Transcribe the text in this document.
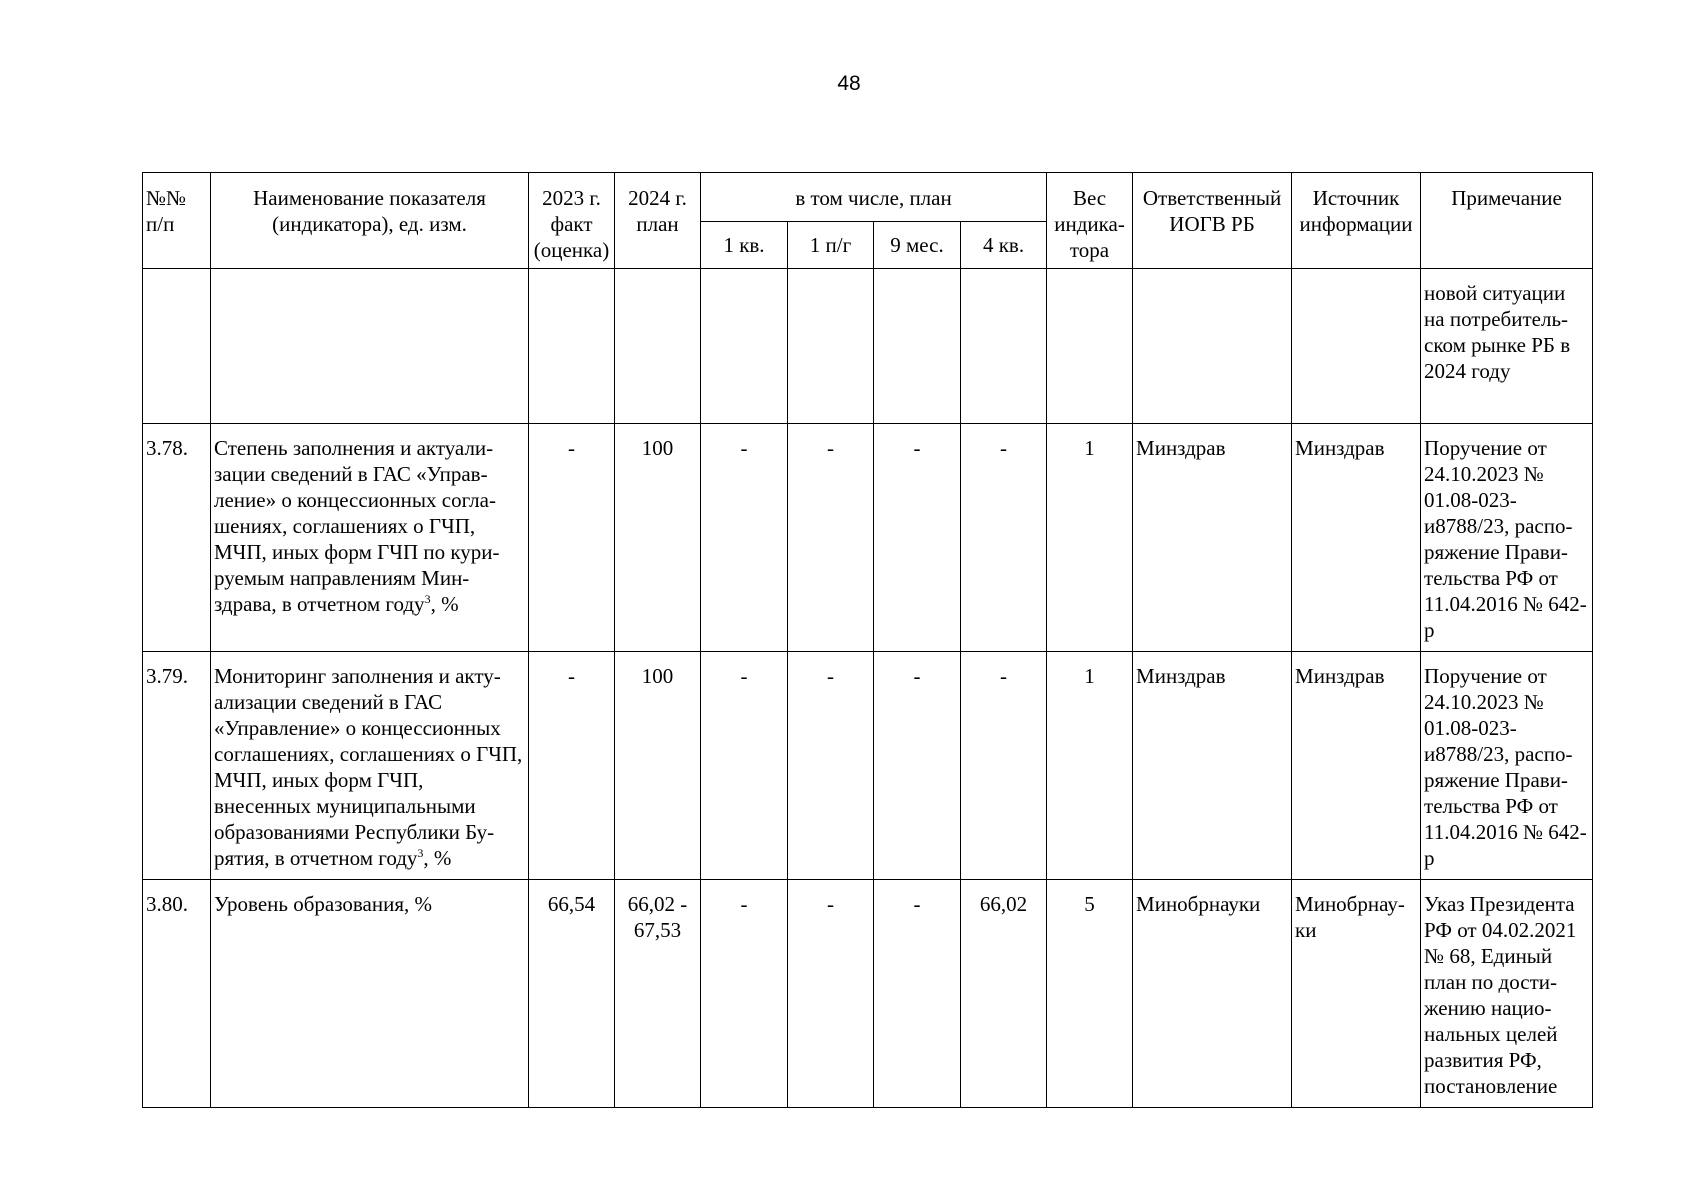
48
№№ п/п	Наименование показателя (индикатора), ед. изм.	2023 г. факт (оценка)	2024 г. план	в том числе, план				Вес индика-тора	Ответственный ИОГВ РБ	Источник информации	Примечание
				1 кв.	1 п/г	9 мес.	4 кв.				
											новой ситуации на потребитель-ском рынке РБ в 2024 году
3.78.	Степень заполнения и актуали-зации сведений в ГАС «Управ-ление» о концессионных согла-шениях, соглашениях о ГЧП, МЧП, иных форм ГЧП по кури-руемым направлениям Мин-здрава, в отчетном году$^3$, %	-	100	-	-	-	-	1	Минздрав	Минздрав	Поручение от 24.10.2023 № 01.08-023-и8788/23, распо-ряжение Прави-тельства РФ от 11.04.2016 № 642-р
3.79.	Мониторинг заполнения и акту-ализации сведений в ГАС «Управление» о концессионных соглашениях, соглашениях о ГЧП, МЧП, иных форм ГЧП, внесенных муниципальными образованиями Республики Бу-рятия, в отчетном году$^3$, %	-	100	-	-	-	-	1	Минздрав	Минздрав	Поручение от 24.10.2023 № 01.08-023-и8788/23, распо-ряжение Прави-тельства РФ от 11.04.2016 № 642-р
3.80.	Уровень образования, %	66,54	66,02 - 67,53	-	-	-	66,02	5	Минобрнауки	Минобрнау-ки	Указ Президента РФ от 04.02.2021 № 68, Единый план по дости-жению нацио-нальных целей развития РФ, постановление
